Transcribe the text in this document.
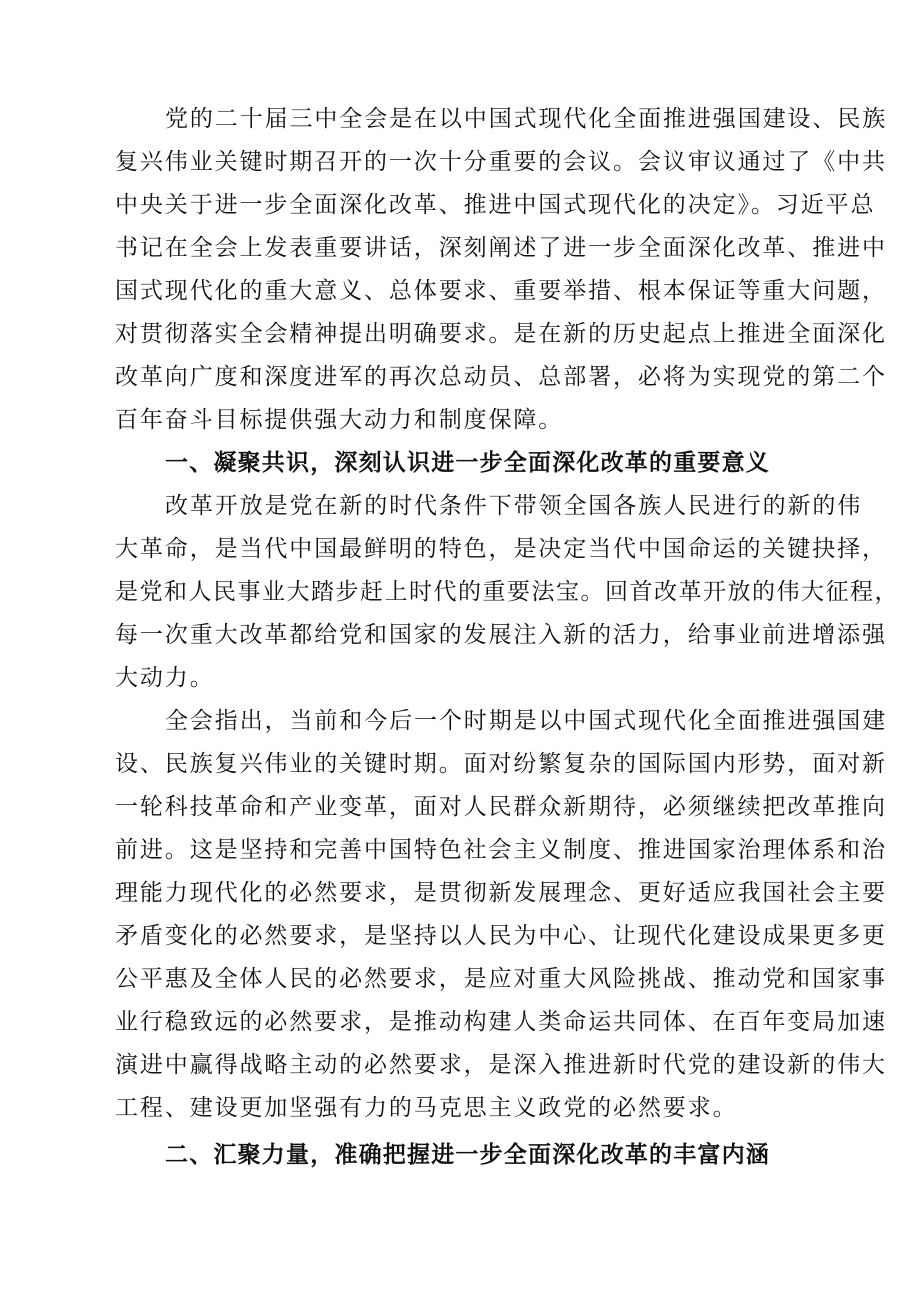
党的二十届三中全会是在以中国式现代化全面推进强国建设、民族

复兴伟业关键时期召开的一次十分重要的会议。会议审议通过了《中共

中央关于进一步全面深化改革、推进中国式现代化的决定》。习近平总

书记在全会上发表重要讲话，深刻阐述了进一步全面深化改革、推进中

国式现代化的重大意义、总体要求、重要举措、根本保证等重大问题，

对贯彻落实全会精神提出明确要求。是在新的历史起点上推进全面深化

改革向广度和深度进军的再次总动员、总部署，必将为实现党的第二个

百年奋斗目标提供强大动力和制度保障。

一、凝聚共识，深刻认识进一步全面深化改革的重要意义

改革开放是党在新的时代条件下带领全国各族人民进行的新的伟

大革命，是当代中国最鲜明的特色，是决定当代中国命运的关键抉择，

是党和人民事业大踏步赶上时代的重要法宝。回首改革开放的伟大征程，

每一次重大改革都给党和国家的发展注入新的活力，给事业前进增添强

大动力。

全会指出，当前和今后一个时期是以中国式现代化全面推进强国建

设、民族复兴伟业的关键时期。面对纷繁复杂的国际国内形势，面对新

一轮科技革命和产业变革，面对人民群众新期待，必须继续把改革推向

前进。这是坚持和完善中国特色社会主义制度、推进国家治理体系和治

理能力现代化的必然要求，是贯彻新发展理念、更好适应我国社会主要

矛盾变化的必然要求，是坚持以人民为中心、让现代化建设成果更多更

公平惠及全体人民的必然要求，是应对重大风险挑战、推动党和国家事

业行稳致远的必然要求，是推动构建人类命运共同体、在百年变局加速

演进中赢得战略主动的必然要求，是深入推进新时代党的建设新的伟大

工程、建设更加坚强有力的马克思主义政党的必然要求。

二、汇聚力量，准确把握进一步全面深化改革的丰富内涵
